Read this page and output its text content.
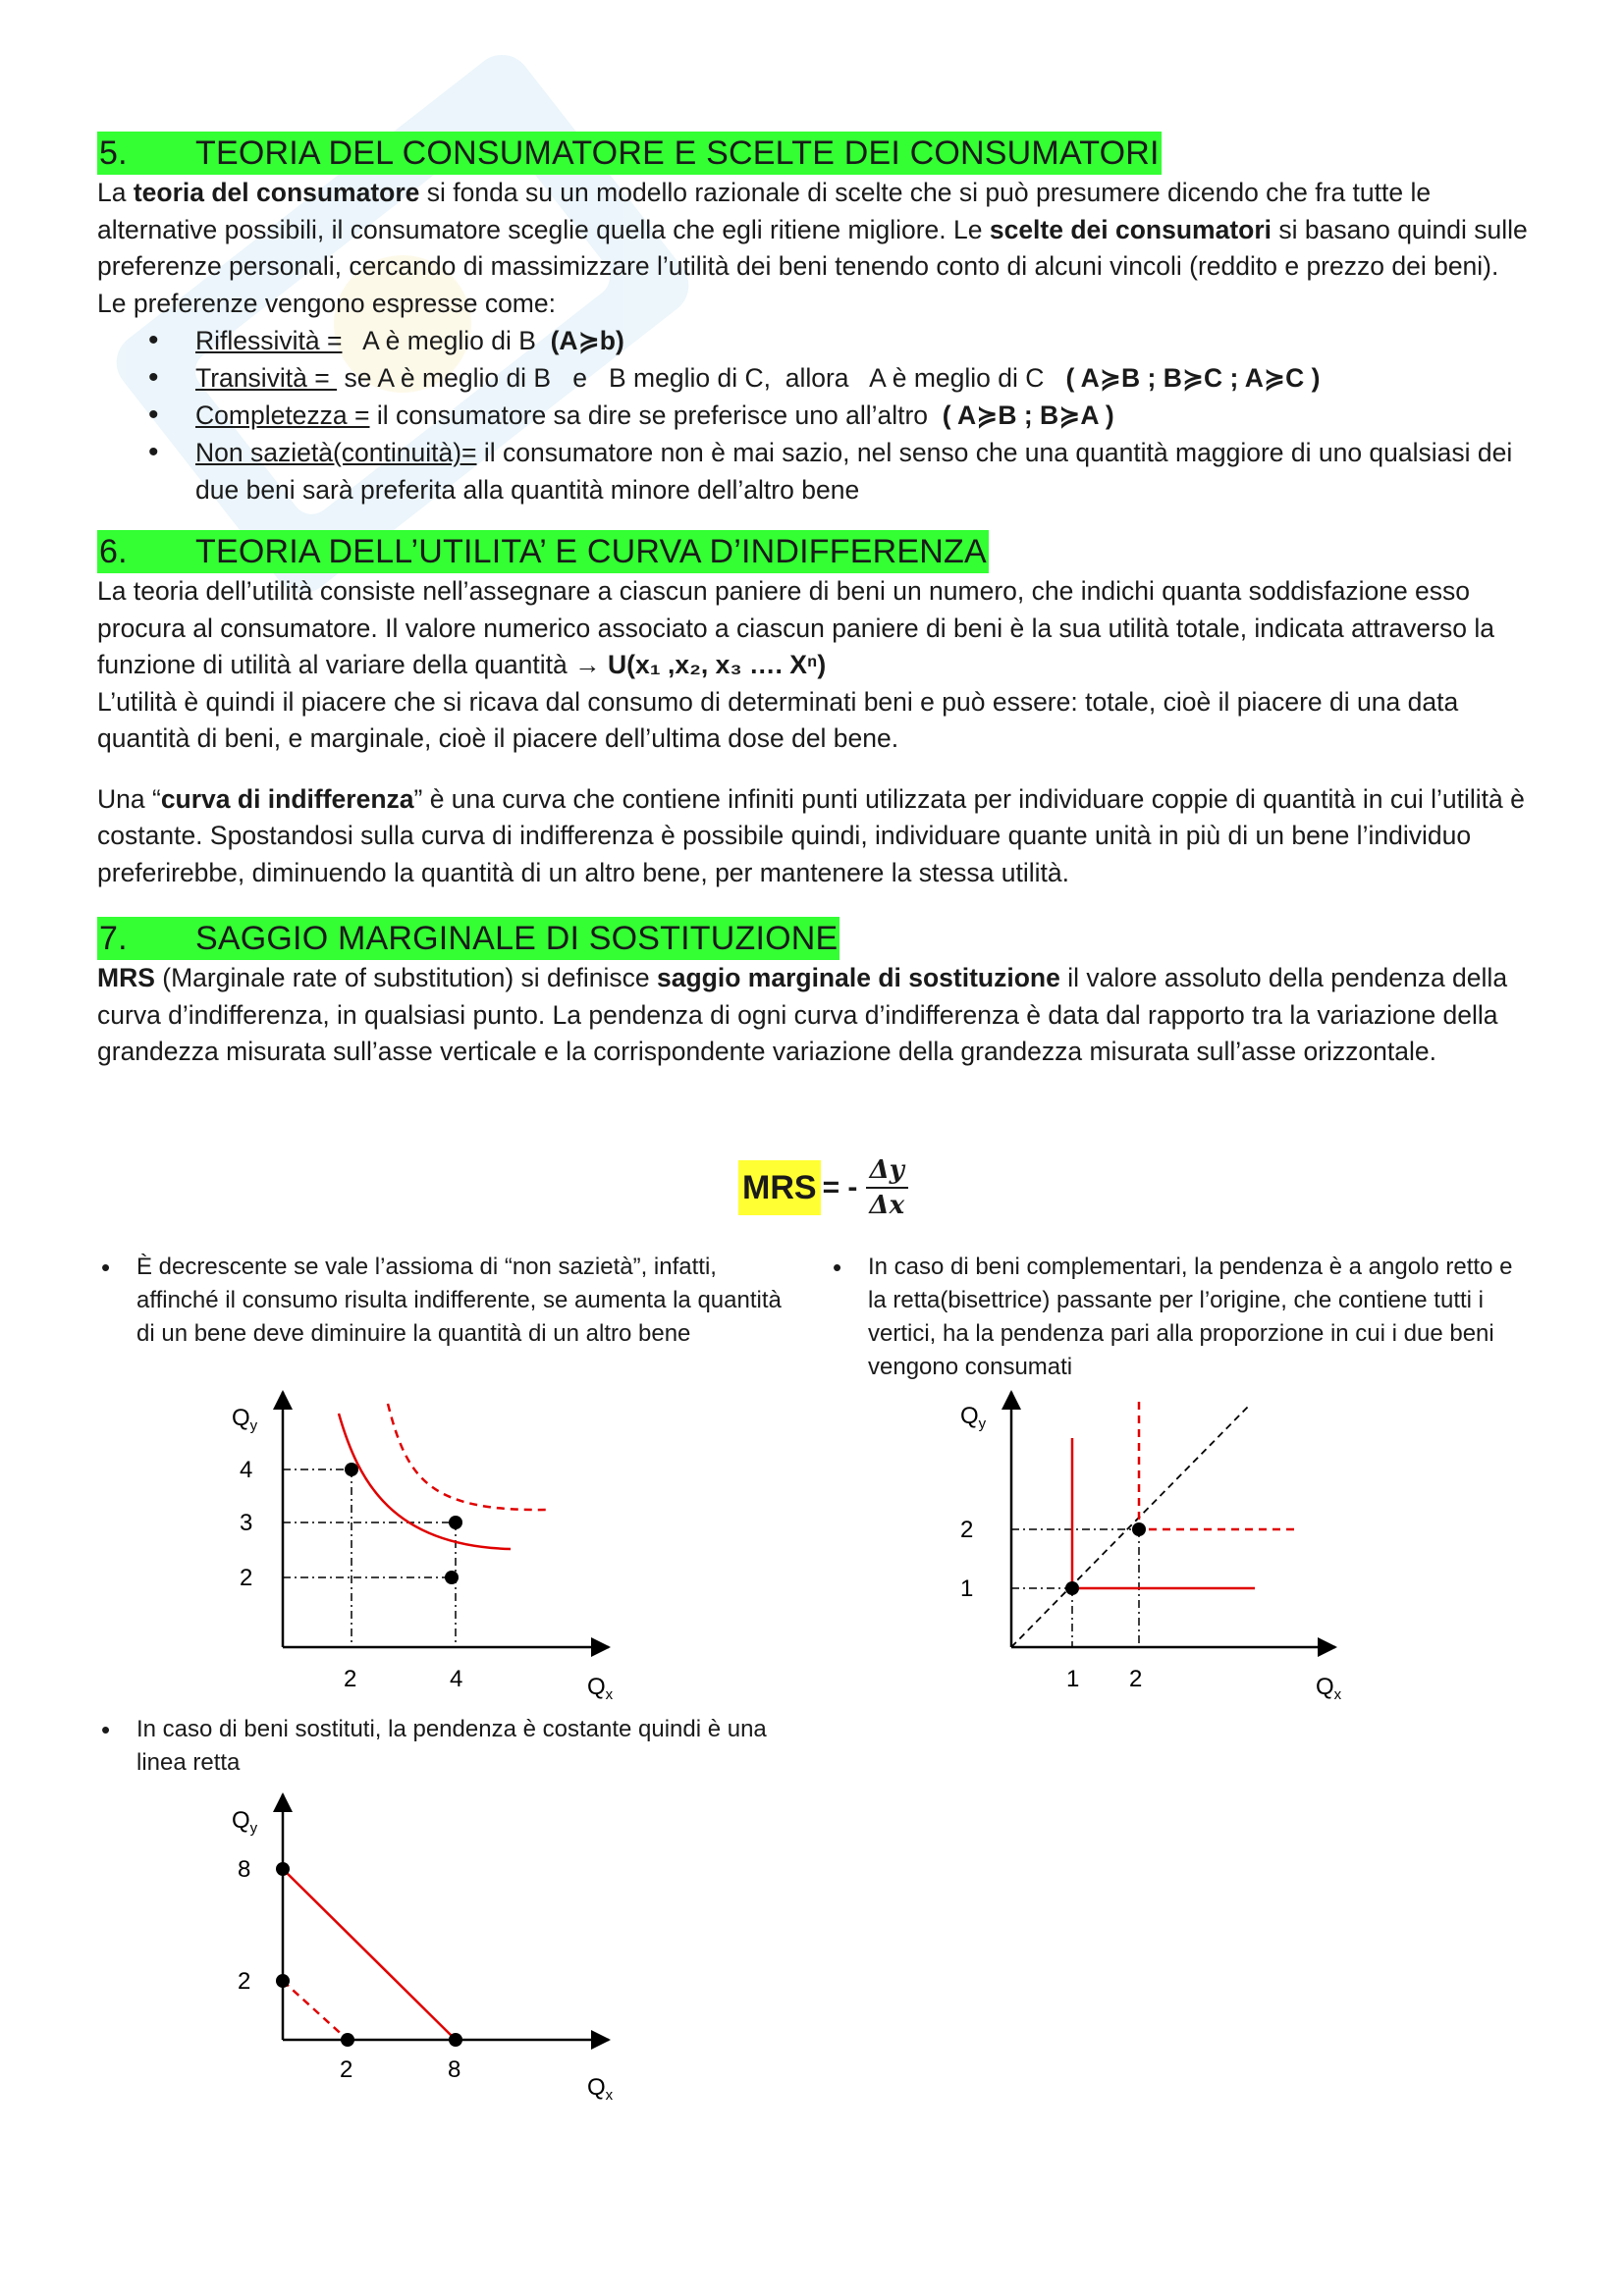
5. TEORIA DEL CONSUMATORE E SCELTE DEI CONSUMATORI

La teoria del consumatore si fonda su un modello razionale di scelte che si può presumere dicendo che fra tutte le alternative possibili, il consumatore sceglie quella che egli ritiene migliore. Le scelte dei consumatori si basano quindi sulle preferenze personali, cercando di massimizzare l’utilità dei beni tenendo conto di alcuni vincoli (reddito e prezzo dei beni). Le preferenze vengono espresse come:

• Riflessività =   A è meglio di B  (A≽b)
• Transività =  se A è meglio di B   e   B meglio di C,  allora   A è meglio di C   ( A≽B ; B≽C ; A≽C )
• Completezza = il consumatore sa dire se preferisce uno all’altro  ( A≽B ; B≽A )
• Non sazietà(continuità)= il consumatore non è mai sazio, nel senso che una quantità maggiore di uno qualsiasi dei due beni sarà preferita alla quantità minore dell’altro bene
6. TEORIA DELL’UTILITA’ E CURVA D’INDIFFERENZA

La teoria dell’utilità consiste nell’assegnare a ciascun paniere di beni un numero, che indichi quanta soddisfazione esso procura al consumatore. Il valore numerico associato a ciascun paniere di beni è la sua utilità totale, indicata attraverso la funzione di utilità al variare della quantità → U(x₁ ,x₂, x₃ …. Xⁿ)

L’utilità è quindi il piacere che si ricava dal consumo di determinati beni e può essere: totale, cioè il piacere di una data quantità di beni, e marginale, cioè il piacere dell’ultima dose del bene.

Una “curva di indifferenza” è una curva che contiene infiniti punti utilizzata per individuare coppie di quantità in cui l’utilità è costante. Spostandosi sulla curva di indifferenza è possibile quindi, individuare quante unità in più di un bene l’individuo preferirebbe, diminuendo la quantità di un altro bene, per mantenere la stessa utilità.

7. SAGGIO MARGINALE DI SOSTITUZIONE

MRS (Marginale rate of substitution) si definisce saggio marginale di sostituzione il valore assoluto della pendenza della curva d’indifferenza, in qualsiasi punto. La pendenza di ogni curva d’indifferenza è data dal rapporto tra la variazione della grandezza misurata sull’asse verticale e la corrispondente variazione della grandezza misurata sull’asse orizzontale.

MRS = - $\frac{\Delta y}{\Delta x}$
• È decrescente se vale l’assioma di “non sazietà”, infatti, affinché il consumo risulta indifferente, se aumenta la quantità di un bene deve diminuire la quantità di un altro bene
• In caso di beni complementari, la pendenza è a angolo retto e la retta(bisettrice) passante per l’origine, che contiene tutti i vertici, ha la pendenza pari alla proporzione in cui i due beni vengono consumati
• In caso di beni sostituti, la pendenza è costante quindi è una linea retta
$Q_y$
4
3
2
2	4	$Q_x$
$Q_y$
2
1
1 2	$Q_x$
$Q_y$
8
2
2	8
$Q_x$
